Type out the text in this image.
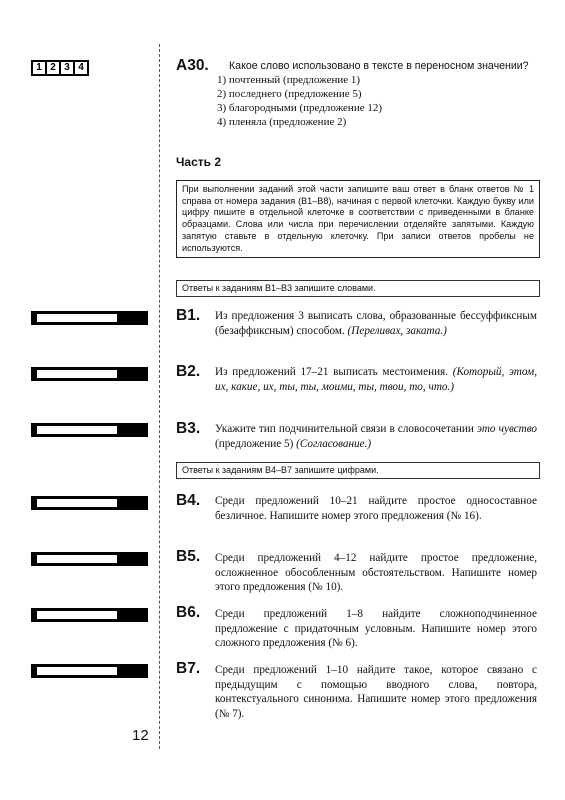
1 2 3 4
12
А30. Какое слово использовано в тексте в переносном значении?
1) почтенный (предложение 1)
2) последнего (предложение 5)
3) благородными (предложение 12)
4) пленяла (предложение 2)
Часть 2
При выполнении заданий этой части запишите ваш ответ в бланк ответов № 1 справа от номера задания (В1–В8), начиная с первой клеточки. Каждую букву или цифру пишите в отдельной клеточке в соответствии с приведенными в бланке образцами. Слова или числа при перечислении отделяйте запятыми. Каждую запятую ставьте в отдельную клеточку. При записи ответов пробелы не используются.
Ответы к заданиям В1–В3 запишите словами.
В1. Из предложения 3 выписать слова, образованные бессуффиксным (безаффиксным) способом. (Переливах, заката.)
В2. Из предложений 17–21 выписать местоимения. (Который, этом, их, какие, их, ты, ты, моими, ты, твои, то, что.)
В3. Укажите тип подчинительной связи в словосочетании это чувство (предложение 5) (Согласование.)
Ответы к заданиям В4–В7 запишите цифрами.
В4. Среди предложений 10–21 найдите простое односоставное безличное. Напишите номер этого предложения (№ 16).
В5. Среди предложений 4–12 найдите простое предложение, осложненное обособленным обстоятельством. Напишите номер этого предложения (№ 10).
В6. Среди предложений 1–8 найдите сложноподчиненное предложение с придаточным условным. Напишите номер этого сложного предложения (№ 6).
В7. Среди предложений 1–10 найдите такое, которое связано с предыдущим с помощью вводного слова, повтора, контекстуального синонима. Напишите номер этого предложения (№ 7).
